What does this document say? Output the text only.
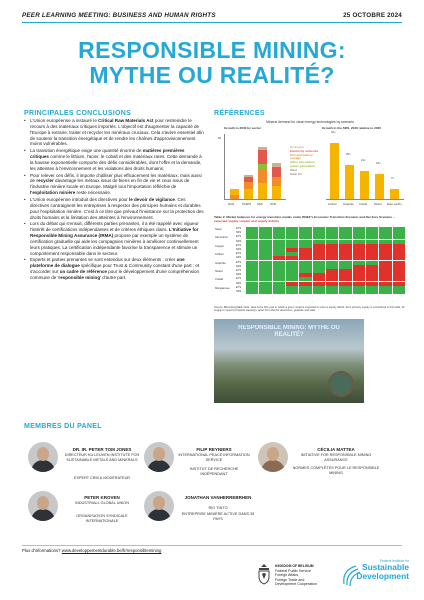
PEER LEARNING MEETING: BUSINESS AND HUMAN RIGHTS	25 OCTOBRE 2024
RESPONSIBLE MINING:
MYTHE OU REALITÉ?
PRINCIPALES CONCLUSIONS
• L'Union européenne a instauré le Critical Raw Materials Act pour restreindre le recours à des matériaux critiques importés. L'objectif est d'augmenter la capacité de l'Europe à extraire, traiter et recycler les minéraux cruciaux. Cela s'avère essentiel afin de soutenir la transition énergétique et de rendre les chaînes d'approvisionnement moins vulnérables.
• La transition énergétique exige une quantité énorme de matières premières critiques comme le lithium, l'acier, le cobalt et des matériaux rares. Cette demande à la hausse exponentielle comporte des défis considérables, dont l'offre et la demande, les atteintes à l'environnement et les violations des droits humains.
• Pour relever ces défis, il importe d'utiliser plus efficacement les matériaux, mais aussi de recycler davantage les métaux issus de biens en fin de vie et ceux issus de l'industrie minière locale en Europe. Malgré tout l'importation réfléchie de l'exploitation minière reste nécessaire.
• L'Union européenne introduit des directives pour le devoir de vigilance. Ces directives contraignent les entreprises à respecter des principes humains et durables pour l'exploitation minière. C'est à ce titre que prévaut l'insistance sur la protection des droits humains et la limitation des atteintes à l'environnement.
• Lors du débat qui s'ensuit, différents parties prenantes, il a été rappelé avec vigueur l'intérêt de certifications indépendantes et de critères éthiques clairs. L'Initiative for Responsible Mining Assurance (IRMA) propose par exemple un système de certification graduelle qui aide les compagnies minières à améliorer continuellement leurs pratiques. La certification indépendante favorise la transparence et stimule un comportement responsable dans le secteur.
• Experts et parties prenantes se sont entendus sur deux éléments : créer une plateforme de dialogue spécifique pour Trust & Community constant d'une part ; et s'accorder sur un cadre de référence pour le développement d'une compréhension commune de 'responsible mining' d'autre part.
RÉFÉRENCES
Mineral demand for clean energy technologies by scenario
Growth to 2040 by sector	Growth in the SDS, 2040 relative to 2020
Mt
2020	STEPS SDS	2040
Hydrogen
Electricity networks
EVs and battery storage
Other low-carbon power generation
Wind
Solar PV
42x
25x
21x
19x
7x
Lithium Graphite Cobalt Nickel Rare earths
Table 2: Market balances for energy transition metals under BNEF's Economic Transition Scenario and Net Zero Scenario – expected supply surplus and supply deficits
Steel	ETS
NZS
Aluminium	ETS
NZS
Copper	ETS
NZS
Lithium	ETS
NZS
Graphite	ETS
NZS
Nickel	ETS
NZS
Cobalt	ETS
NZS
Manganese	ETS
NZS
Source: BloombergNEF. Note: How is the first year in which a given metal is expected to enter a supply deficit. Zero primary supply is considered in this table. W supply is mined (complete capacity), apart from that for aluminium, graphite and steel.
RESPONSIBLE MINING: MYTHE OU REALITÉ?
MEMBRES DU PANEL
DR. IR. PETER TOM JONES
DIRECTEUR KU LEUVEN INSTITUTE FOR SUSTAINABLE METALS AND MINERALS
EXPERT CRM & MODÉRATEUR
FILIP REYNIERS
INTERNATIONAL PEACE INFORMATION SERVICE
INSTITUT DE RECHERCHE INDÉPENDANT
CÉCILIA MATTEA
INITIATIVE FOR RESPONSIBLE MINING ASSURANCE
NORMES COMPLÈTES POUR LE RESPONSIBLE MINING
PETER KROVEN
INDUSTRIALL GLOBAL UNION
ORGANISATION SYNDICALE INTERNATIONALE
JONATHAN VANHERREBRHEN
RIO TINTO
ENTREPRISE MINIÈRE ACTIVE DANS 35 PAYS
Plus d'informations? www.developpementdurable.be/fr/responsiblemining
KINGDOM OF BELGIUM
Federal Public Service
Foreign Affairs,
Foreign Trade and
Development Cooperation
Federal Institute for
Sustainable Development
